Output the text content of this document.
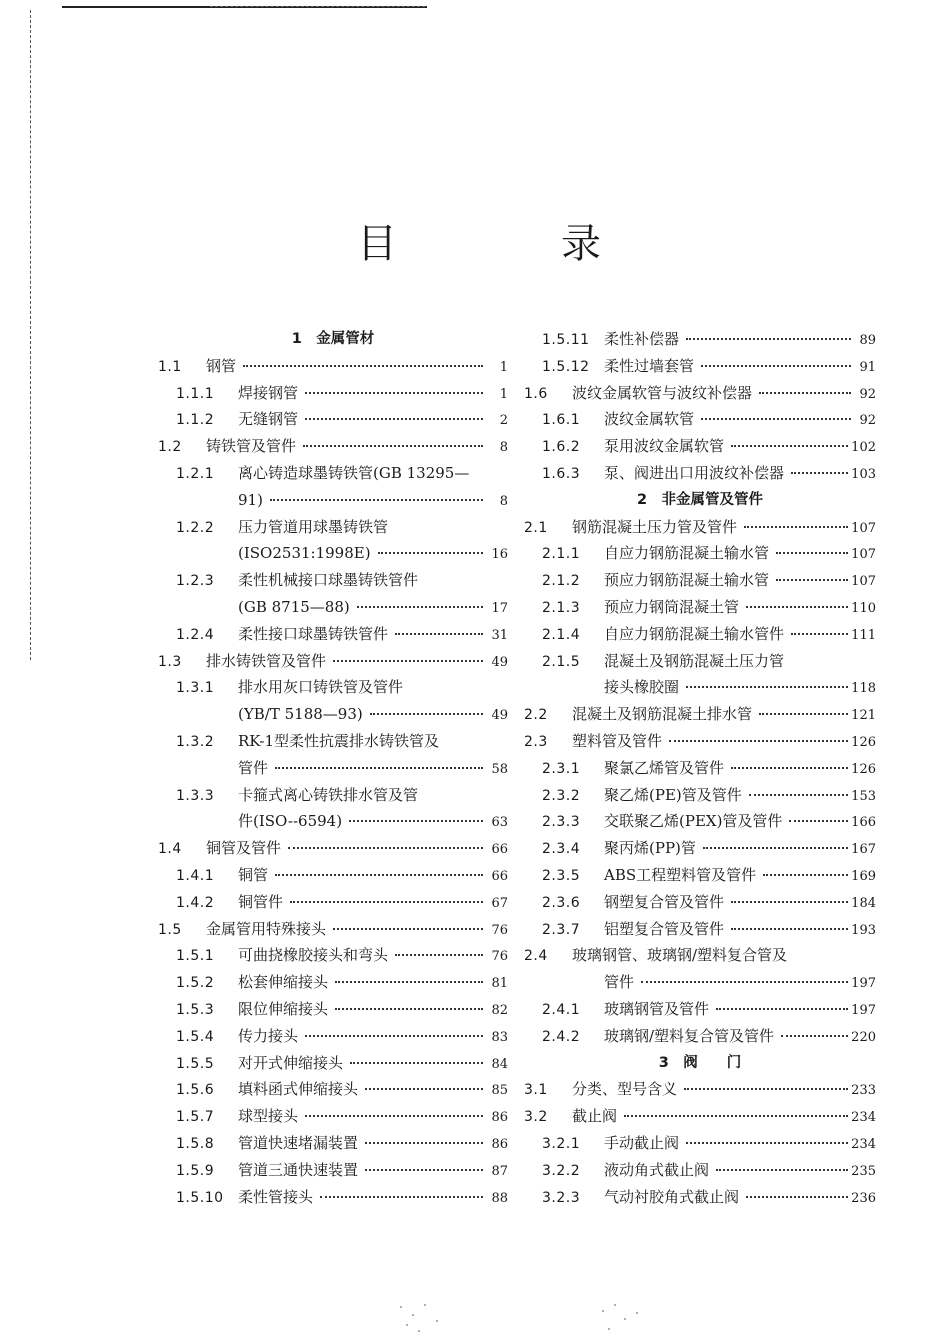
目　录
1　金属管材
1.1	钢管	1
1.1.1	焊接钢管	1
1.1.2	无缝钢管	2
1.2	铸铁管及管件	8
1.2.1	离心铸造球墨铸铁管(GB 13295—
91)	8
1.2.2	压力管道用球墨铸铁管
(ISO2531:1998E)	16
1.2.3	柔性机械接口球墨铸铁管件
(GB 8715—88)	17
1.2.4	柔性接口球墨铸铁管件	31
1.3	排水铸铁管及管件	49
1.3.1	排水用灰口铸铁管及管件
(YB/T 5188—93)	49
1.3.2	RK-1型柔性抗震排水铸铁管及
管件	58
1.3.3	卡箍式离心铸铁排水管及管
件(ISO--6594)	63
1.4	铜管及管件	66
1.4.1	铜管	66
1.4.2	铜管件	67
1.5	金属管用特殊接头	76
1.5.1	可曲挠橡胶接头和弯头	76
1.5.2	松套伸缩接头	81
1.5.3	限位伸缩接头	82
1.5.4	传力接头	83
1.5.5	对开式伸缩接头	84
1.5.6	填料函式伸缩接头	85
1.5.7	球型接头	86
1.5.8	管道快速堵漏装置	86
1.5.9	管道三通快速装置	87
1.5.10 柔性管接头	88
1.5.11 柔性补偿器	89
1.5.12 柔性过墙套管	91
1.6	波纹金属软管与波纹补偿器	92
1.6.1	波纹金属软管	92
1.6.2	泵用波纹金属软管	102
1.6.3	泵、阀进出口用波纹补偿器	103
2　非金属管及管件
2.1	钢筋混凝土压力管及管件	107
2.1.1	自应力钢筋混凝土输水管	107
2.1.2	预应力钢筋混凝土输水管	107
2.1.3	预应力钢筒混凝土管	110
2.1.4	自应力钢筋混凝土输水管件	111
2.1.5	混凝土及钢筋混凝土压力管
接头橡胶圈	118
2.2	混凝土及钢筋混凝土排水管	121
2.3	塑料管及管件	126
2.3.1	聚氯乙烯管及管件	126
2.3.2	聚乙烯(PE)管及管件	153
2.3.3	交联聚乙烯(PEX)管及管件	166
2.3.4	聚丙烯(PP)管	167
2.3.5	ABS工程塑料管及管件	169
2.3.6	钢塑复合管及管件	184
2.3.7	铝塑复合管及管件	193
2.4	玻璃钢管、玻璃钢/塑料复合管及
管件	197
2.4.1	玻璃钢管及管件	197
2.4.2	玻璃钢/塑料复合管及管件	220
3　阀　　门
3.1	分类、型号含义	233
3.2	截止阀	234
3.2.1	手动截止阀	234
3.2.2	液动角式截止阀	235
3.2.3	气动衬胶角式截止阀	236
